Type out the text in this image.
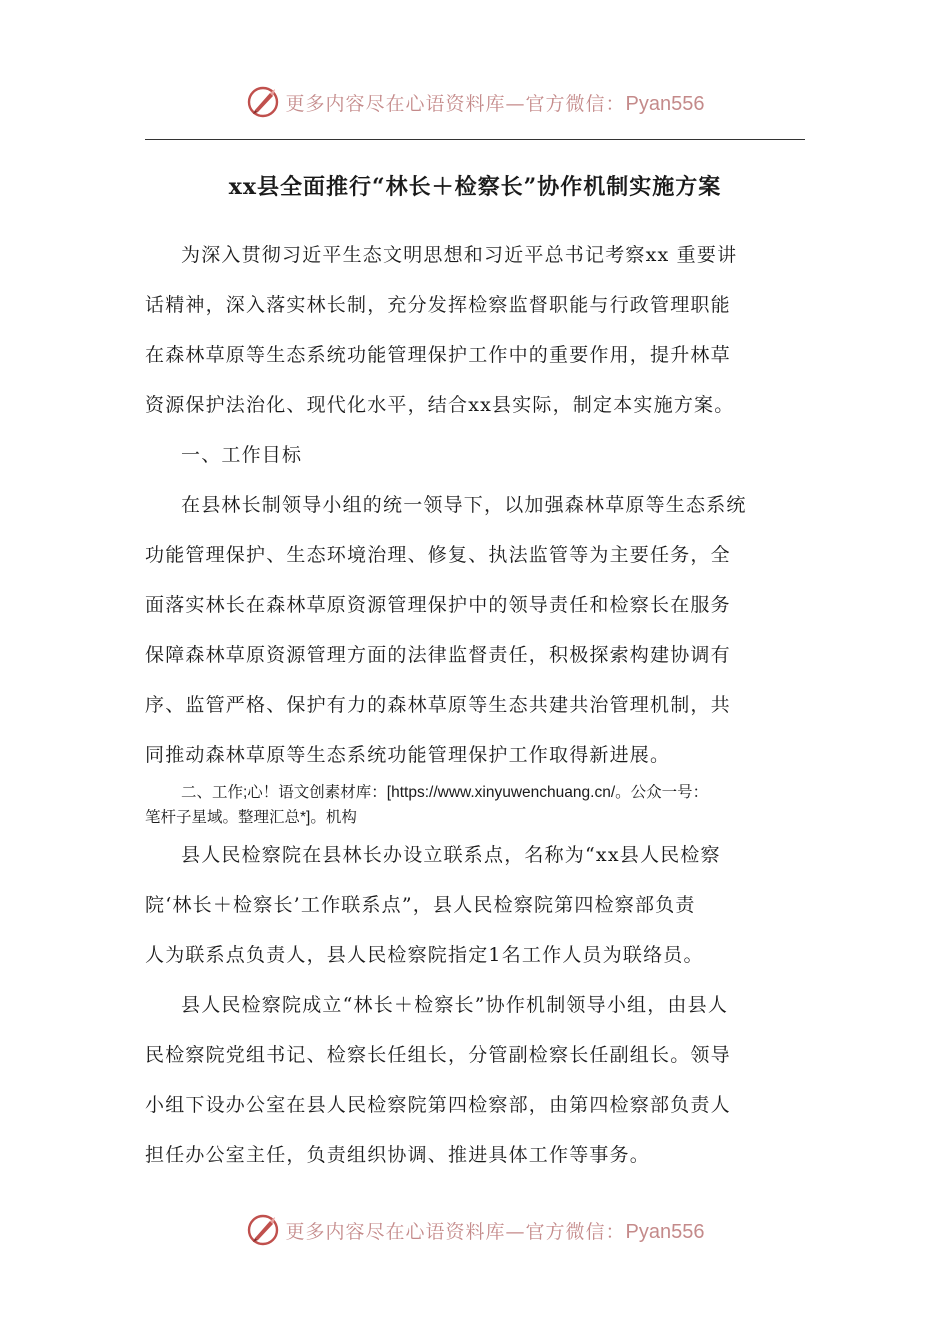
更多内容尽在心语资料库—官方微信：Pyan556
xx县全面推行“林长＋检察长”协作机制实施方案
为深入贯彻习近平生态文明思想和习近平总书记考察xx 重要讲
话精神，深入落实林长制，充分发挥检察监督职能与行政管理职能
在森林草原等生态系统功能管理保护工作中的重要作用，提升林草
资源保护法治化、现代化水平，结合xx县实际，制定本实施方案。
一、工作目标
在县林长制领导小组的统一领导下，以加强森林草原等生态系统
功能管理保护、生态环境治理、修复、执法监管等为主要任务，全
面落实林长在森林草原资源管理保护中的领导责任和检察长在服务
保障森林草原资源管理方面的法律监督责任，积极探索构建协调有
序、监管严格、保护有力的森林草原等生态共建共治管理机制，共
同推动森林草原等生态系统功能管理保护工作取得新进展。
二、工作;心！语文创素材库：[https://www.xinyuwenchuang.cn/。公众一号：
笔杆子星域。整理汇总*]。机构
县人民检察院在县林长办设立联系点，名称为“xx县人民检察
院‘林长＋检察长’工作联系点”，县人民检察院第四检察部负责
人为联系点负责人，县人民检察院指定1名工作人员为联络员。
县人民检察院成立“林长＋检察长”协作机制领导小组，由县人
民检察院党组书记、检察长任组长，分管副检察长任副组长。领导
小组下设办公室在县人民检察院第四检察部，由第四检察部负责人
担任办公室主任，负责组织协调、推进具体工作等事务。
更多内容尽在心语资料库—官方微信：Pyan556
